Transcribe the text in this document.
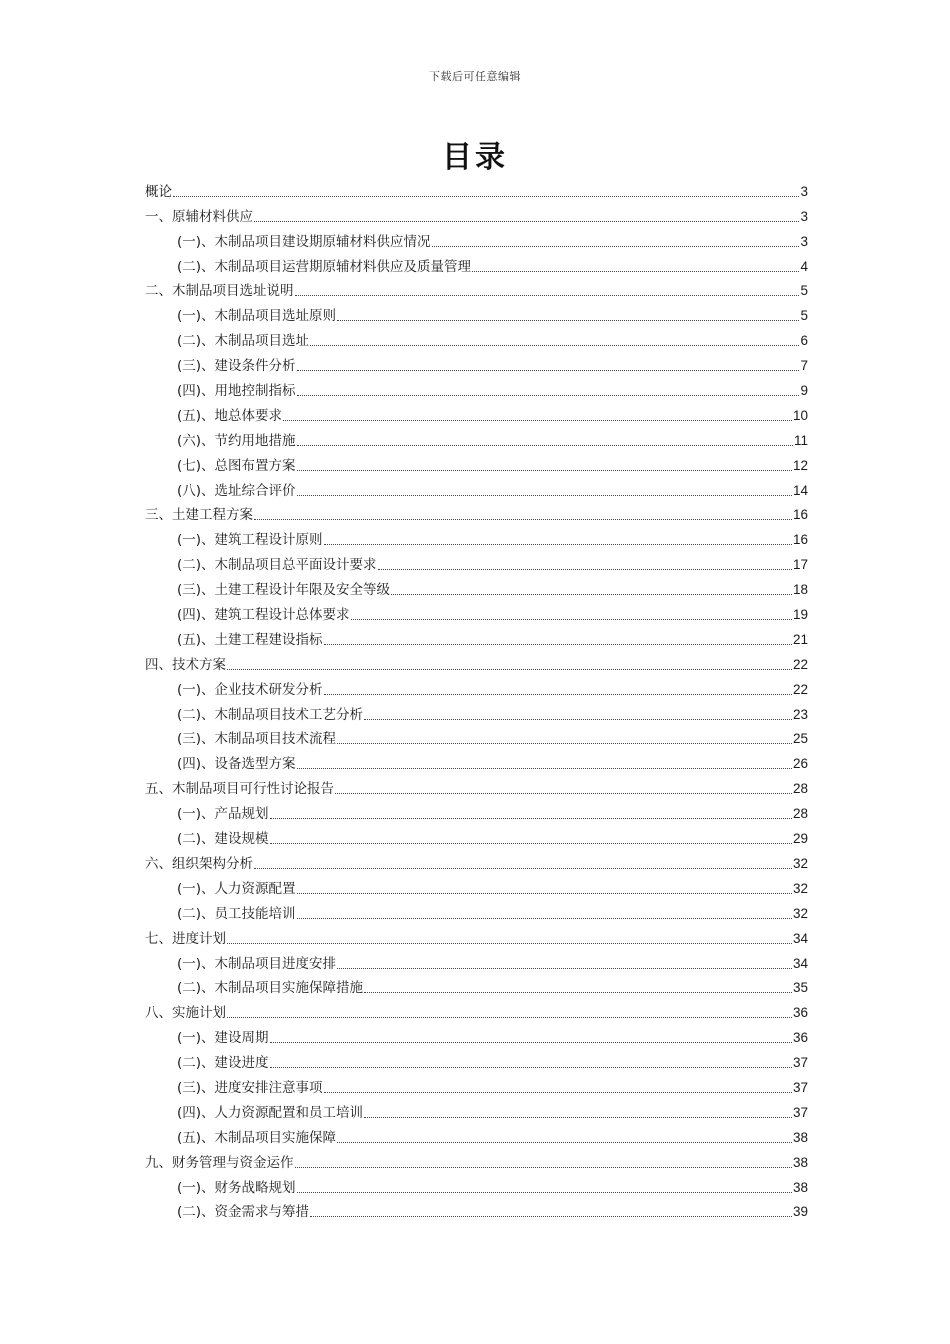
下载后可任意编辑
目录
概论	3
一、原辅材料供应	3
(一)、木制品项目建设期原辅材料供应情况	3
(二)、木制品项目运营期原辅材料供应及质量管理	4
二、木制品项目选址说明	5
(一)、木制品项目选址原则	5
(二)、木制品项目选址	6
(三)、建设条件分析	7
(四)、用地控制指标	9
(五)、地总体要求	10
(六)、节约用地措施	11
(七)、总图布置方案	12
(八)、选址综合评价	14
三、土建工程方案	16
(一)、建筑工程设计原则	16
(二)、木制品项目总平面设计要求	17
(三)、土建工程设计年限及安全等级	18
(四)、建筑工程设计总体要求	19
(五)、土建工程建设指标	21
四、技术方案	22
(一)、企业技术研发分析	22
(二)、木制品项目技术工艺分析	23
(三)、木制品项目技术流程	25
(四)、设备选型方案	26
五、木制品项目可行性讨论报告	28
(一)、产品规划	28
(二)、建设规模	29
六、组织架构分析	32
(一)、人力资源配置	32
(二)、员工技能培训	32
七、进度计划	34
(一)、木制品项目进度安排	34
(二)、木制品项目实施保障措施	35
八、实施计划	36
(一)、建设周期	36
(二)、建设进度	37
(三)、进度安排注意事项	37
(四)、人力资源配置和员工培训	37
(五)、木制品项目实施保障	38
九、财务管理与资金运作	38
(一)、财务战略规划	38
(二)、资金需求与筹措	39
